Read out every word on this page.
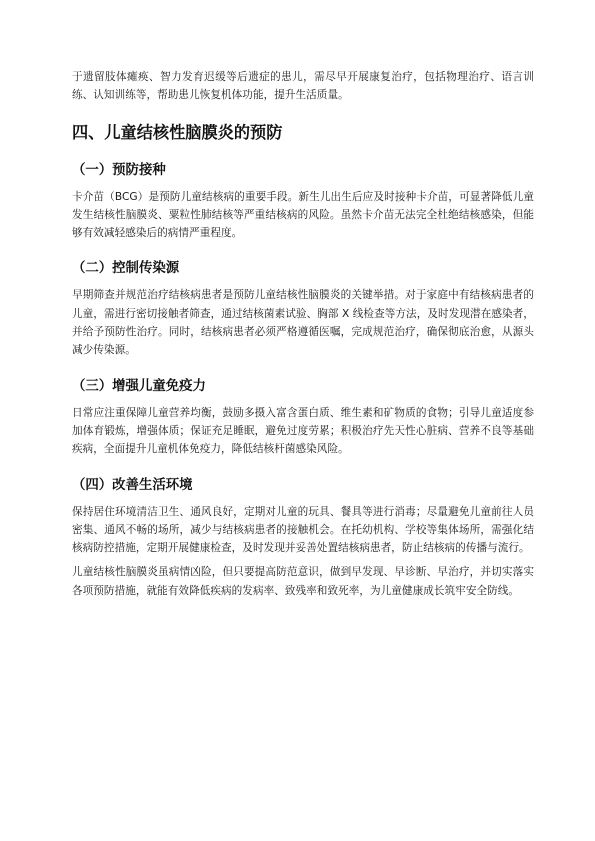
于遗留肢体瘫痪、智力发育迟缓等后遗症的患儿，需尽早开展康复治疗，包括物理治疗、语言训练、认知训练等，帮助患儿恢复机体功能，提升生活质量。

四、儿童结核性脑膜炎的预防
（一）预防接种

卡介苗（BCG）是预防儿童结核病的重要手段。新生儿出生后应及时接种卡介苗，可显著降低儿童发生结核性脑膜炎、粟粒性肺结核等严重结核病的风险。虽然卡介苗无法完全杜绝结核感染，但能够有效减轻感染后的病情严重程度。

（二）控制传染源

早期筛查并规范治疗结核病患者是预防儿童结核性脑膜炎的关键举措。对于家庭中有结核病患者的儿童，需进行密切接触者筛查，通过结核菌素试验、胸部 X 线检查等方法，及时发现潜在感染者，并给予预防性治疗。同时，结核病患者必须严格遵循医嘱，完成规范治疗，确保彻底治愈，从源头减少传染源。

（三）增强儿童免疫力

日常应注重保障儿童营养均衡，鼓励多摄入富含蛋白质、维生素和矿物质的食物；引导儿童适度参加体育锻炼，增强体质；保证充足睡眠，避免过度劳累；积极治疗先天性心脏病、营养不良等基础疾病，全面提升儿童机体免疫力，降低结核杆菌感染风险。

（四）改善生活环境

保持居住环境清洁卫生、通风良好，定期对儿童的玩具、餐具等进行消毒；尽量避免儿童前往人员密集、通风不畅的场所，减少与结核病患者的接触机会。在托幼机构、学校等集体场所，需强化结核病防控措施，定期开展健康检查，及时发现并妥善处置结核病患者，防止结核病的传播与流行。

儿童结核性脑膜炎虽病情凶险，但只要提高防范意识，做到早发现、早诊断、早治疗，并切实落实各项预防措施，就能有效降低疾病的发病率、致残率和致死率，为儿童健康成长筑牢安全防线。
